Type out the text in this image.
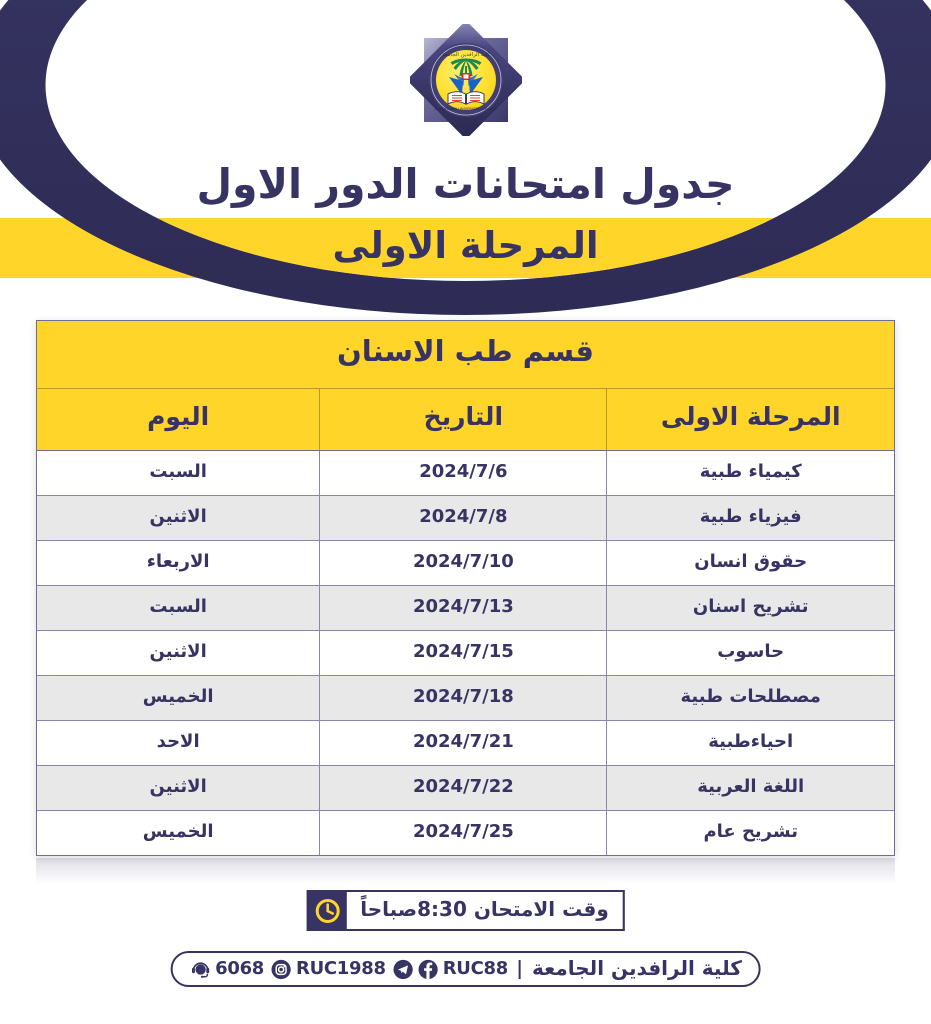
كلية الرافدين الجامعة
AL-RAFIDAIN UNIVERSITY COLLEGE
جدول امتحانات الدور الاول
المرحلة الاولى
قسم طب الاسنان		
المرحلة الاولى	التاريخ	اليوم
كيمياء طبية	2024/7/6	السبت
فيزياء طبية	2024/7/8	الاثنين
حقوق انسان	2024/7/10	الاربعاء
تشريح اسنان	2024/7/13	السبت
حاسوب	2024/7/15	الاثنين
مصطلحات طبية	2024/7/18	الخميس
احياءطبية	2024/7/21	الاحد
اللغة العربية	2024/7/22	الاثنين
تشريح عام	2024/7/25	الخميس
وقت الامتحان 8:30صباحاً
كلية الرافدين الجامعة
RUC88
RUC1988
6068
